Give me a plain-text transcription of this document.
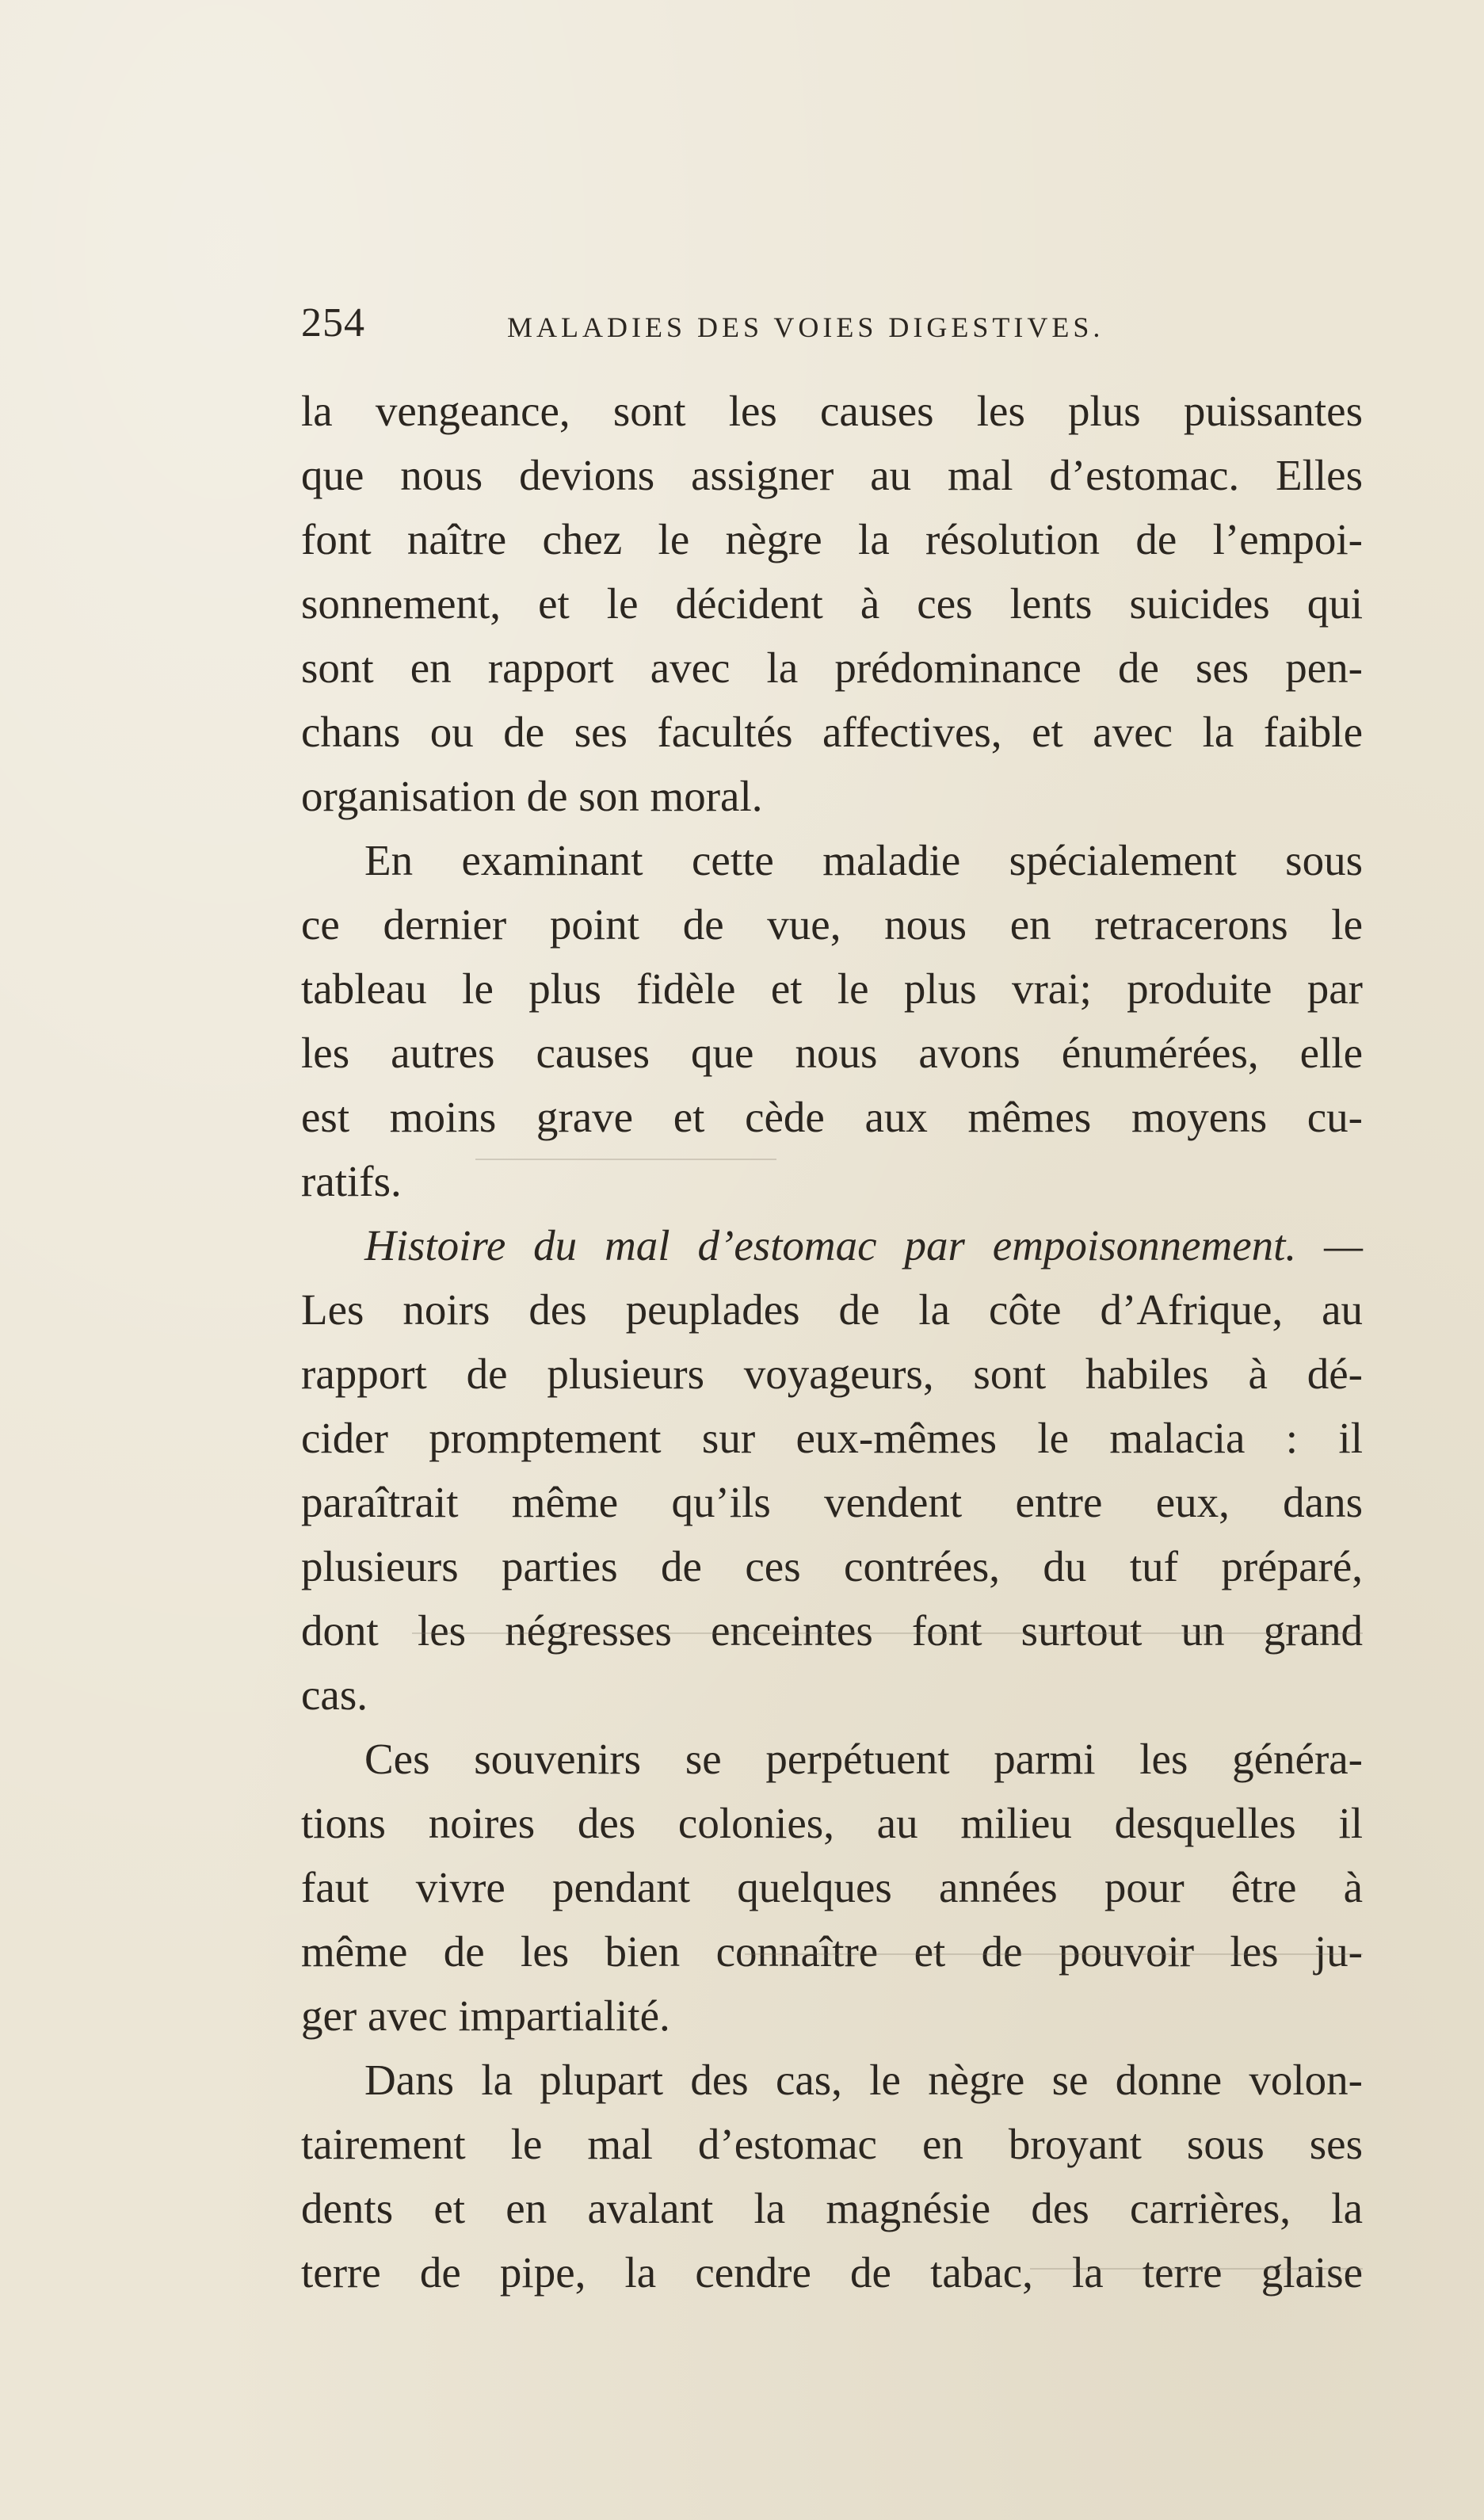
254	MALADIES DES VOIES DIGESTIVES.
la vengeance, sont les causes les plus puissantes
que nous devions assigner au mal d’estomac. Elles
font naître chez le nègre la résolution de l’empoi-
sonnement, et le décident à ces lents suicides qui
sont en rapport avec la prédominance de ses pen-
chans ou de ses facultés affectives, et avec la faible
organisation de son moral.
En examinant cette maladie spécialement sous
ce dernier point de vue, nous en retracerons le
tableau le plus fidèle et le plus vrai; produite par
les autres causes que nous avons énumérées, elle
est moins grave et cède aux mêmes moyens cu-
ratifs.
Histoire du mal d’estomac par empoisonnement. —
Les noirs des peuplades de la côte d’Afrique, au
rapport de plusieurs voyageurs, sont habiles à dé-
cider promptement sur eux-mêmes le malacia : il
paraîtrait même qu’ils vendent entre eux, dans
plusieurs parties de ces contrées, du tuf préparé,
dont les négresses enceintes font surtout un grand
cas.
Ces souvenirs se perpétuent parmi les généra-
tions noires des colonies, au milieu desquelles il
faut vivre pendant quelques années pour être à
même de les bien connaître et de pouvoir les ju-
ger avec impartialité.
Dans la plupart des cas, le nègre se donne volon-
tairement le mal d’estomac en broyant sous ses
dents et en avalant la magnésie des carrières, la
terre de pipe, la cendre de tabac, la terre glaise
